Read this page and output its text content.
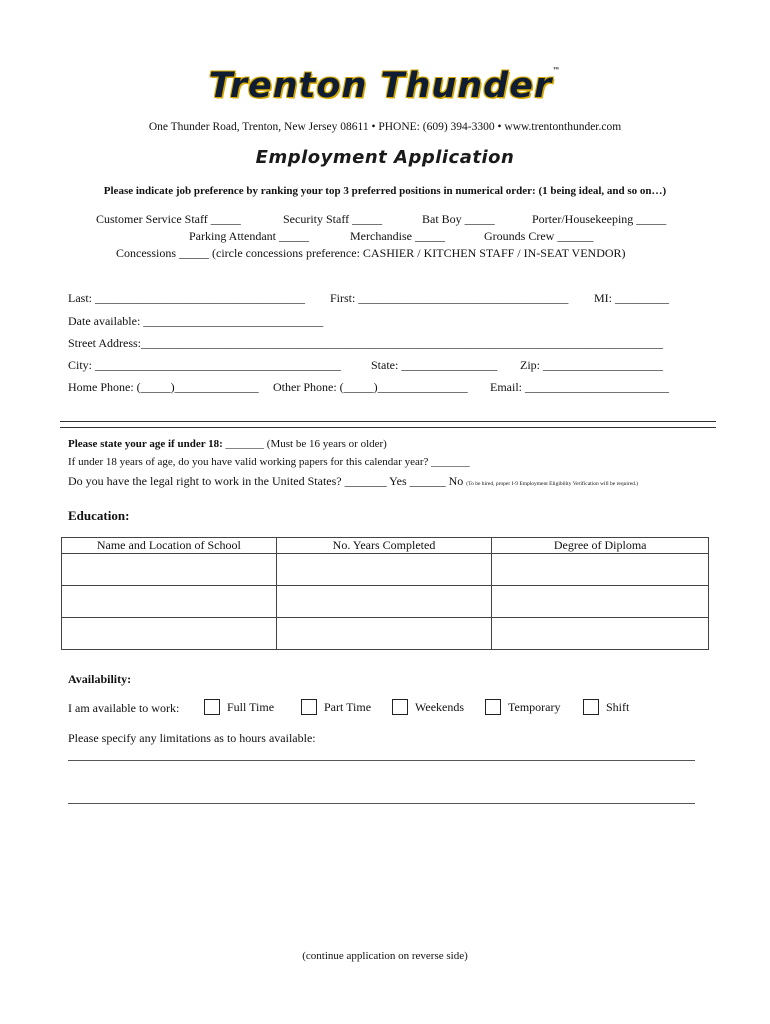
Trenton Thunder™
One Thunder Road, Trenton, New Jersey 08611 • PHONE: (609) 394-3300 • www.trentonthunder.com
Employment Application
Please indicate job preference by ranking your top 3 preferred positions in numerical order: (1 being ideal, and so on…)
Customer Service Staff _____	Security Staff _____	Bat Boy _____	Porter/Housekeeping _____
Parking Attendant _____	Merchandise _____	Grounds Crew ______
Concessions _____ (circle concessions preference: CASHIER / KITCHEN STAFF / IN-SEAT VENDOR)
Last: ___________________________________ First: ___________________________________ MI: _________
Date available: ______________________________
Street Address:_______________________________________________________________________________________
City: _________________________________________ State: ________________ Zip: ____________________
Home Phone: (_____)______________ Other Phone: (_____)_______________ Email: ________________________
Please state your age if under 18: _______ (Must be 16 years or older)
If under 18 years of age, do you have valid working papers for this calendar year? _______
Do you have the legal right to work in the United States? _______ Yes ______ No (To be hired, proper I-9 Employment Eligibility Verification will be required.)
Education:
Name and Location of School	No. Years Completed	Degree of Diploma

Availability:
I am available to work:	Full Time	Part Time	Weekends	Temporary	Shift
Please specify any limitations as to hours available:
(continue application on reverse side)
